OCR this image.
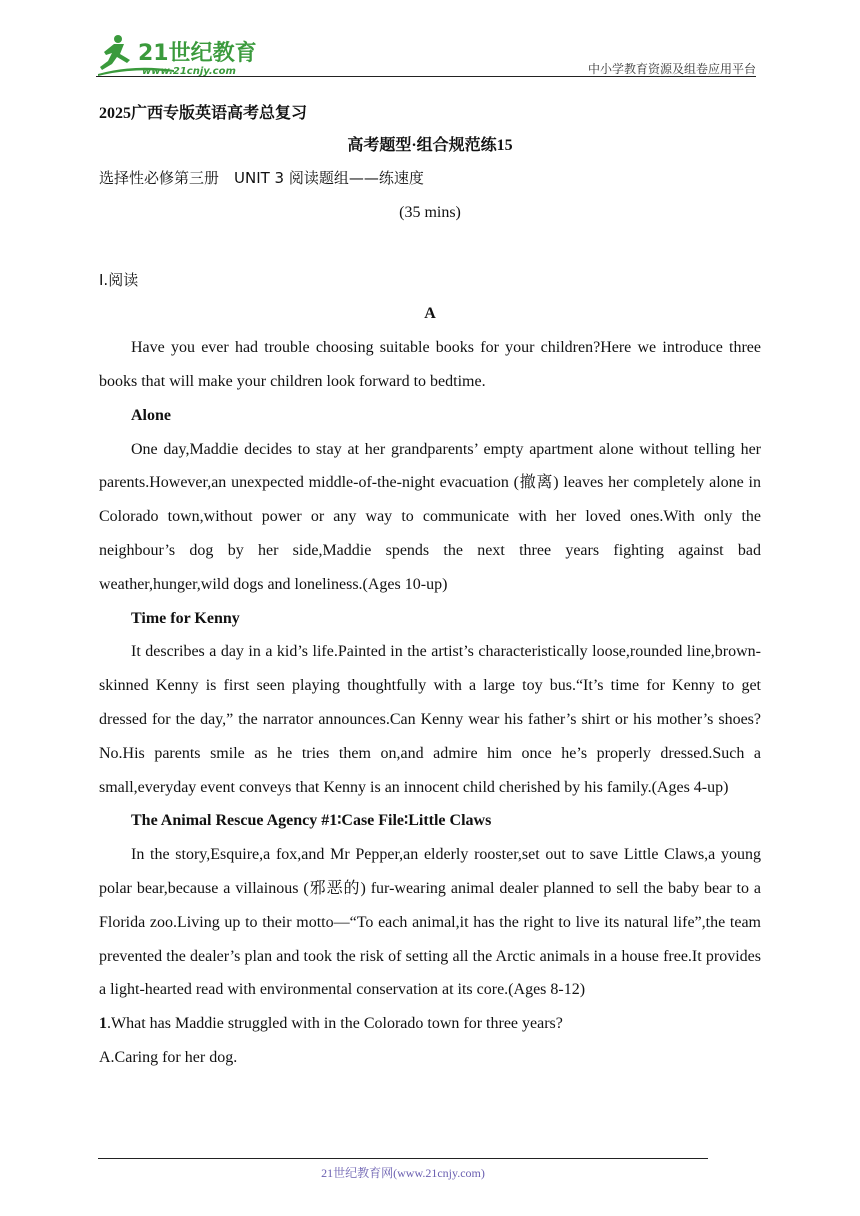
21世纪教育
www.21cnjy.com	中小学教育资源及组卷应用平台

2025广西专版英语高考总复习

高考题型·组合规范练15

选择性必修第三册　UNIT 3 阅读题组——练速度

(35 mins)

Ⅰ.阅读

A

Have you ever had trouble choosing suitable books for your children?Here we introduce three books that will make your children look forward to bedtime.

Alone

One day,Maddie decides to stay at her grandparents’ empty apartment alone without telling her parents.However,an unexpected middle-of-the-night evacuation (撤离) leaves her completely alone in Colorado town,without power or any way to communicate with her loved ones.With only the neighbour’s dog by her side,Maddie spends the next three years fighting against bad weather,hunger,wild dogs and loneliness.(Ages 10-up)

Time for Kenny

It describes a day in a kid’s life.Painted in the artist’s characteristically loose,rounded line,brown-skinned Kenny is first seen playing thoughtfully with a large toy bus.“It’s time for Kenny to get dressed for the day,” the narrator announces.Can Kenny wear his father’s shirt or his mother’s shoes?No.His parents smile as he tries them on,and admire him once he’s properly dressed.Such a small,everyday event conveys that Kenny is an innocent child cherished by his family.(Ages 4-up)

The Animal Rescue Agency #1∶Case File∶Little Claws

In the story,Esquire,a fox,and Mr Pepper,an elderly rooster,set out to save Little Claws,a young polar bear,because a villainous (邪恶的) fur-wearing animal dealer planned to sell the baby bear to a Florida zoo.Living up to their motto—“To each animal,it has the right to live its natural life”,the team prevented the dealer’s plan and took the risk of setting all the Arctic animals in a house free.It provides a light-hearted read with environmental conservation at its core.(Ages 8-12)

1.What has Maddie struggled with in the Colorado town for three years?

A.Caring for her dog.

21世纪教育网(www.21cnjy.com)
